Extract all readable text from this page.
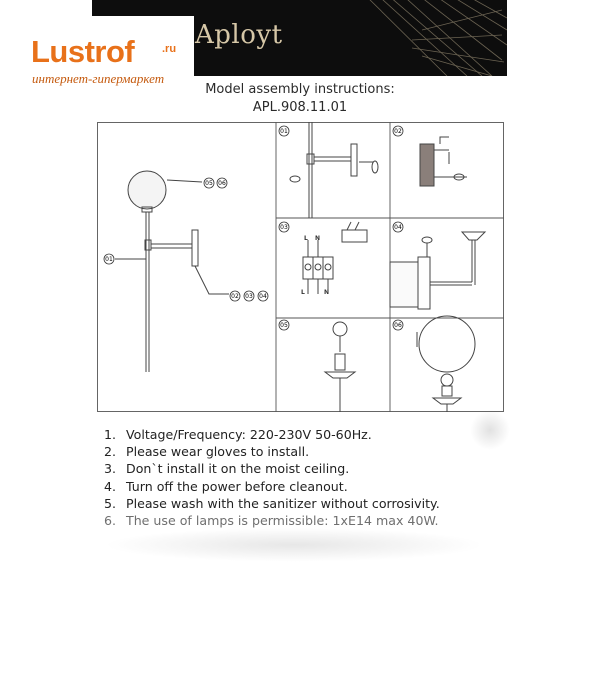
Aployt
Lustrof	.ru
интернет-гипермаркет
Model assembly instructions:
APL.908.11.01
05 06
01
02 03 04
01	02
03	04
05	06
L N
L	N
1. Voltage/Frequency: 220-230V 50-60Hz.
2. Please wear gloves to install.
3. Don`t install it on the moist ceiling.
4. Turn off the power before cleanout.
5. Please wash with the sanitizer without corrosivity.
6. The use of lamps is permissible: 1xE14 max 40W.
